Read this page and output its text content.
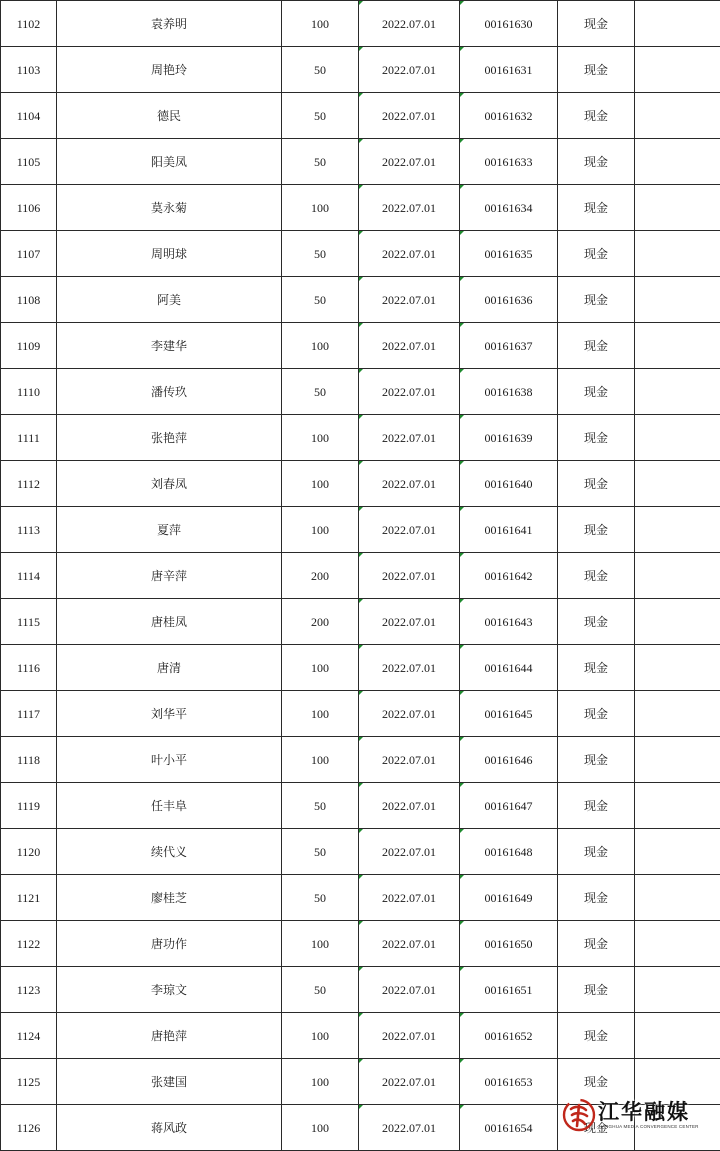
1102	袁养明	100	2022.07.01	00161630	现金	
1103	周艳玲	50	2022.07.01	00161631	现金	
1104	德民	50	2022.07.01	00161632	现金	
1105	阳美凤	50	2022.07.01	00161633	现金	
1106	莫永菊	100	2022.07.01	00161634	现金	
1107	周明球	50	2022.07.01	00161635	现金	
1108	阿美	50	2022.07.01	00161636	现金	
1109	李建华	100	2022.07.01	00161637	现金	
1110	潘传玖	50	2022.07.01	00161638	现金	
1111	张艳萍	100	2022.07.01	00161639	现金	
1112	刘春凤	100	2022.07.01	00161640	现金	
1113	夏萍	100	2022.07.01	00161641	现金	
1114	唐辛萍	200	2022.07.01	00161642	现金	
1115	唐桂凤	200	2022.07.01	00161643	现金	
1116	唐清	100	2022.07.01	00161644	现金	
1117	刘华平	100	2022.07.01	00161645	现金	
1118	叶小平	100	2022.07.01	00161646	现金	
1119	任丰阜	50	2022.07.01	00161647	现金	
1120	续代义	50	2022.07.01	00161648	现金	
1121	廖桂芝	50	2022.07.01	00161649	现金	
1122	唐功作	100	2022.07.01	00161650	现金	
1123	李琼文	50	2022.07.01	00161651	现金	
1124	唐艳萍	100	2022.07.01	00161652	现金	
1125	张建国	100	2022.07.01	00161653	现金	
1126	蒋风政	100	2022.07.01	00161654	现金	
江华融媒
JIANGHUA MEDIA CONVERGENCE CENTER
